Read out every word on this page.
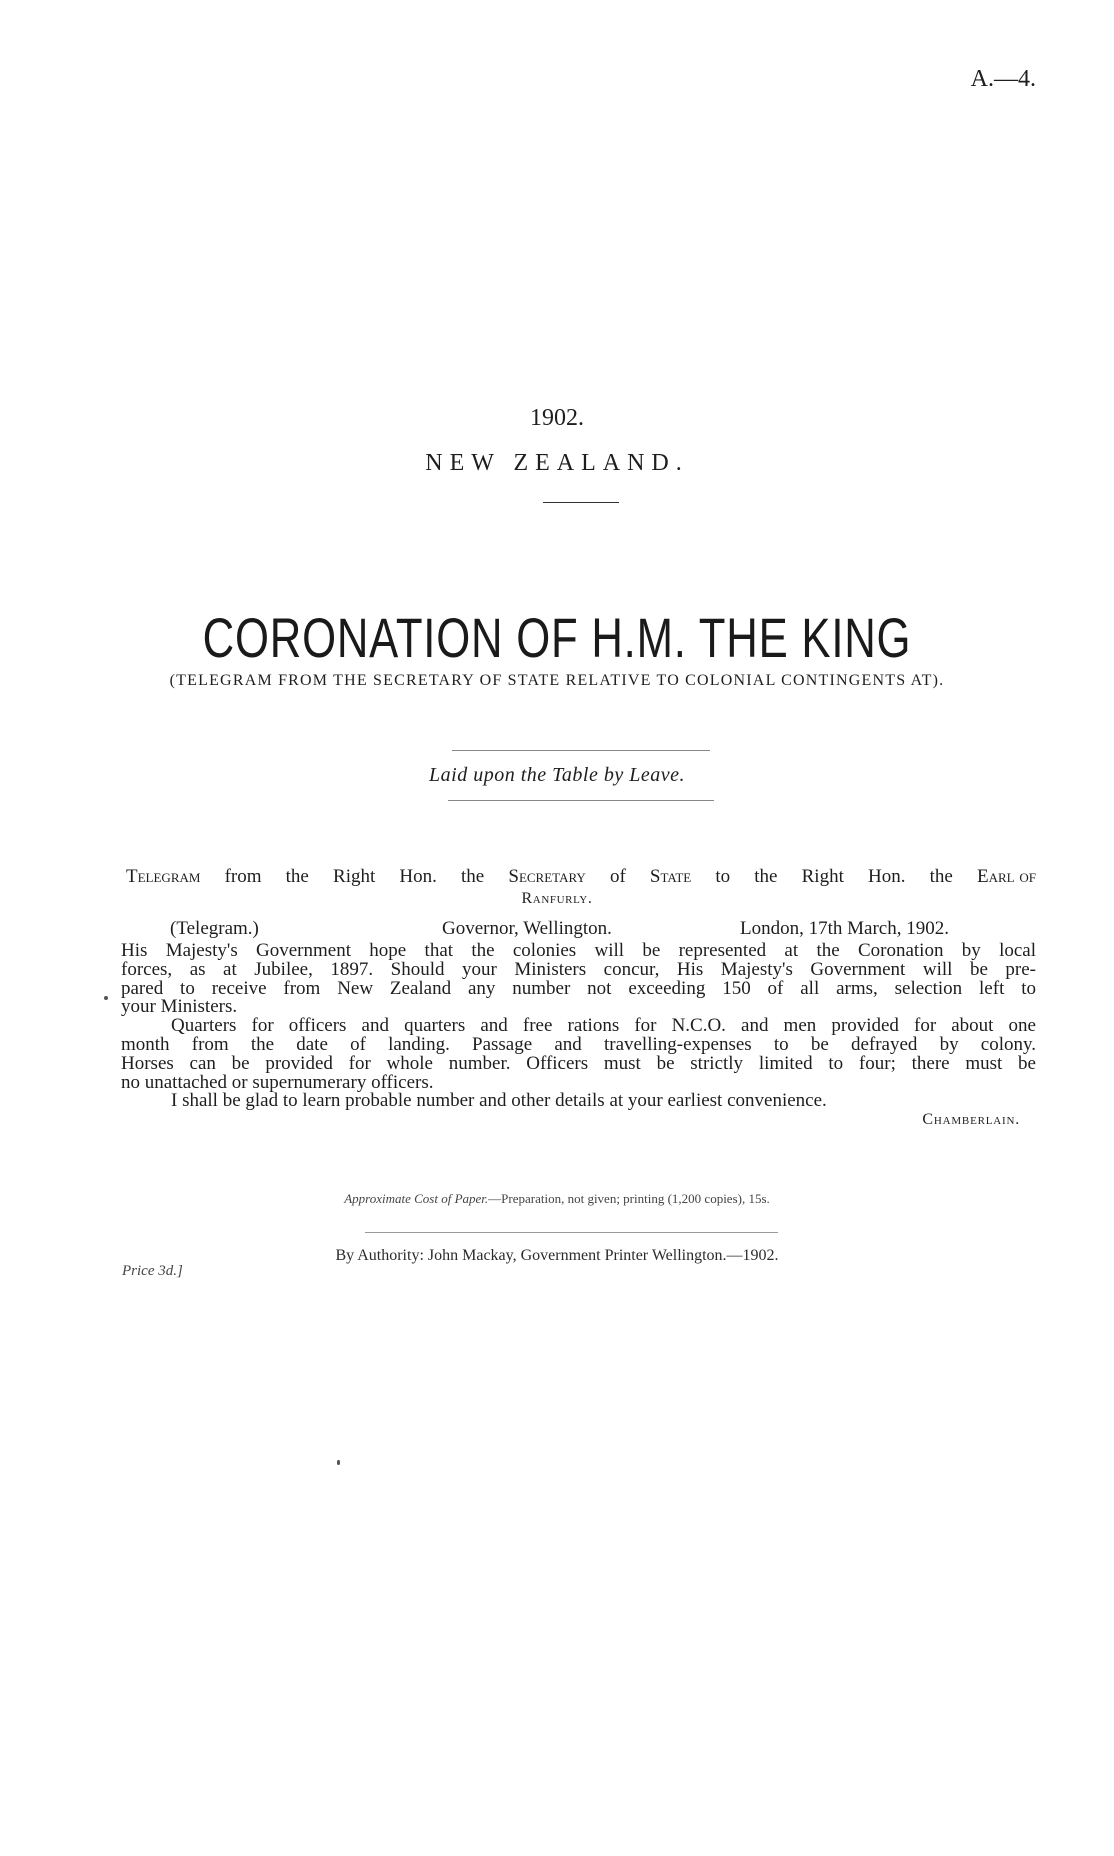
A.—4.
1902.
NEW ZEALAND.
CORONATION OF H.M. THE KING
(TELEGRAM FROM THE SECRETARY OF STATE RELATIVE TO COLONIAL CONTINGENTS AT).
Laid upon the Table by Leave.
Telegram from the Right Hon. the Secretary of State to the Right Hon. the Earl of
Ranfurly.
(Telegram.)	Governor, Wellington.	London, 17th March, 1902.
His Majesty's Government hope that the colonies will be represented at the Coronation by local
forces, as at Jubilee, 1897. Should your Ministers concur, His Majesty's Government will be pre-
pared to receive from New Zealand any number not exceeding 150 of all arms, selection left to
your Ministers.
Quarters for officers and quarters and free rations for N.C.O. and men provided for about one
month from the date of landing. Passage and travelling-expenses to be defrayed by colony.
Horses can be provided for whole number. Officers must be strictly limited to four; there must be
no unattached or supernumerary officers.
I shall be glad to learn probable number and other details at your earliest convenience.
Chamberlain.
Approximate Cost of Paper.—Preparation, not given; printing (1,200 copies), 15s.
By Authority: John Mackay, Government Printer Wellington.—1902.
Price 3d.]
